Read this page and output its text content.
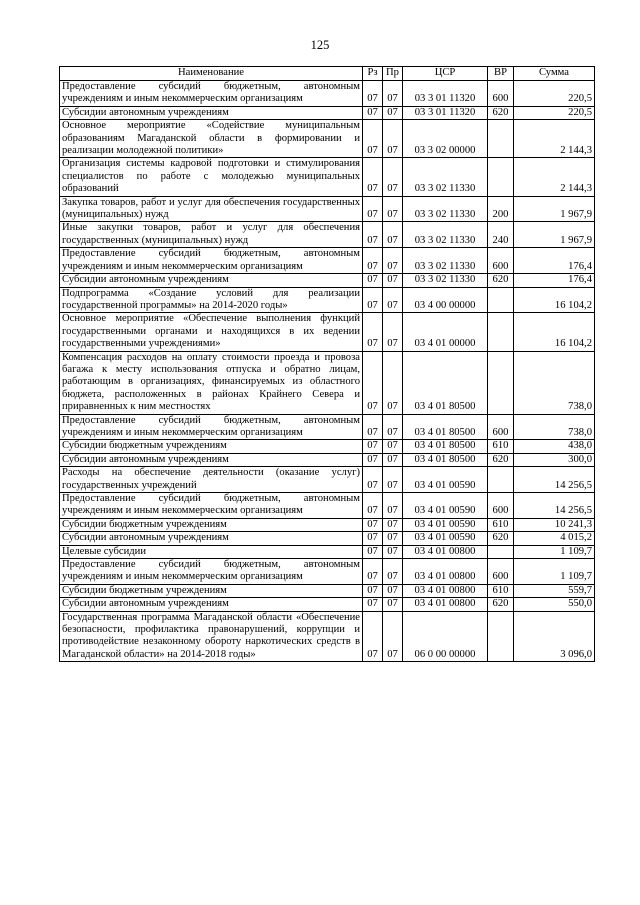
125
Наименование	Рз	Пр	ЦСР	ВР	Сумма
Предоставление субсидий бюджетным, автономным учреждениям и иным некоммерческим организациям	07	07	03 3 01 11320	600	220,5
Субсидии автономным учреждениям	07	07	03 3 01 11320	620	220,5
Основное мероприятие «Содействие муниципальным образованиям Магаданской области в формировании и реализации молодежной политики»	07	07	03 3 02 00000		2 144,3
Организация системы кадровой подготовки и стимулирования специалистов по работе с молодежью муниципальных образований	07	07	03 3 02 11330		2 144,3
Закупка товаров, работ и услуг для обеспечения государственных (муниципальных) нужд	07	07	03 3 02 11330	200	1 967,9
Иные закупки товаров, работ и услуг для обеспечения государственных (муниципальных) нужд	07	07	03 3 02 11330	240	1 967,9
Предоставление субсидий бюджетным, автономным учреждениям и иным некоммерческим организациям	07	07	03 3 02 11330	600	176,4
Субсидии автономным учреждениям	07	07	03 3 02 11330	620	176,4
Подпрограмма «Создание условий для реализации государственной программы» на 2014-2020 годы»	07	07	03 4 00 00000		16 104,2
Основное мероприятие «Обеспечение выполнения функций государственными органами и находящихся в их ведении государственными учреждениями»	07	07	03 4 01 00000		16 104,2
Компенсация расходов на оплату стоимости проезда и провоза багажа к месту использования отпуска и обратно лицам, работающим в организациях, финансируемых из областного бюджета, расположенных в районах Крайнего Севера и приравненных к ним местностях	07	07	03 4 01 80500		738,0
Предоставление субсидий бюджетным, автономным учреждениям и иным некоммерческим организациям	07	07	03 4 01 80500	600	738,0
Субсидии бюджетным учреждениям	07	07	03 4 01 80500	610	438,0
Субсидии автономным учреждениям	07	07	03 4 01 80500	620	300,0
Расходы на обеспечение деятельности (оказание услуг) государственных учреждений	07	07	03 4 01 00590		14 256,5
Предоставление субсидий бюджетным, автономным учреждениям и иным некоммерческим организациям	07	07	03 4 01 00590	600	14 256,5
Субсидии бюджетным учреждениям	07	07	03 4 01 00590	610	10 241,3
Субсидии автономным учреждениям	07	07	03 4 01 00590	620	4 015,2
Целевые субсидии	07	07	03 4 01 00800		1 109,7
Предоставление субсидий бюджетным, автономным учреждениям и иным некоммерческим организациям	07	07	03 4 01 00800	600	1 109,7
Субсидии бюджетным учреждениям	07	07	03 4 01 00800	610	559,7
Субсидии автономным учреждениям	07	07	03 4 01 00800	620	550,0
Государственная программа Магаданской области «Обеспечение безопасности, профилактика правонарушений, коррупции и противодействие незаконному обороту наркотических средств в Магаданской области» на 2014-2018 годы»	07	07	06 0 00 00000		3 096,0
